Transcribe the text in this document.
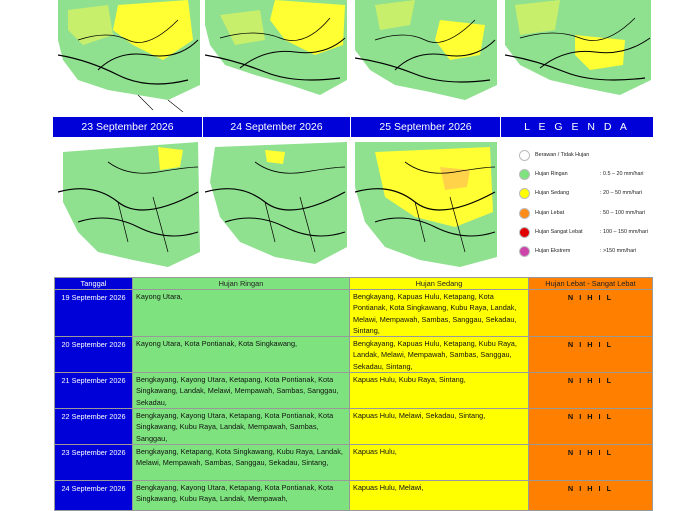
23 September 2026	24 September 2026	25 September 2026	L E G E N D A
Berawan / Tidak Hujan
Hujan Ringan	: 0.5 – 20 mm/hari
Hujan Sedang	: 20 – 50 mm/hari
Hujan Lebat	: 50 – 100 mm/hari
Hujan Sangat Lebat	: 100 – 150 mm/hari
Hujan Ekstrem	: >150 mm/hari
Tanggal	Hujan Ringan	Hujan Sedang	Hujan Lebat - Sangat Lebat
19 September 2026	Kayong Utara,	Bengkayang, Kapuas Hulu, Ketapang, Kota Pontianak, Kota Singkawang, Kubu Raya, Landak, Melawi, Mempawah, Sambas, Sanggau, Sekadau, Sintang,	N I H I L
20 September 2026	Kayong Utara, Kota Pontianak, Kota Singkawang,	Bengkayang, Kapuas Hulu, Ketapang, Kubu Raya, Landak, Melawi, Mempawah, Sambas, Sanggau, Sekadau, Sintang,	N I H I L
21 September 2026	Bengkayang, Kayong Utara, Ketapang, Kota Pontianak, Kota Singkawang, Landak, Melawi, Mempawah, Sambas, Sanggau, Sekadau,	Kapuas Hulu, Kubu Raya, Sintang,	N I H I L
22 September 2026	Bengkayang, Kayong Utara, Ketapang, Kota Pontianak, Kota Singkawang, Kubu Raya, Landak, Mempawah, Sambas, Sanggau,	Kapuas Hulu, Melawi, Sekadau, Sintang,	N I H I L
23 September 2026	Bengkayang, Ketapang, Kota Singkawang, Kubu Raya, Landak, Melawi, Mempawah, Sambas, Sanggau, Sekadau, Sintang,	Kapuas Hulu,	N I H I L
24 September 2026	Bengkayang, Kayong Utara, Ketapang, Kota Pontianak, Kota Singkawang, Kubu Raya, Landak, Mempawah,	Kapuas Hulu, Melawi,	N I H I L
